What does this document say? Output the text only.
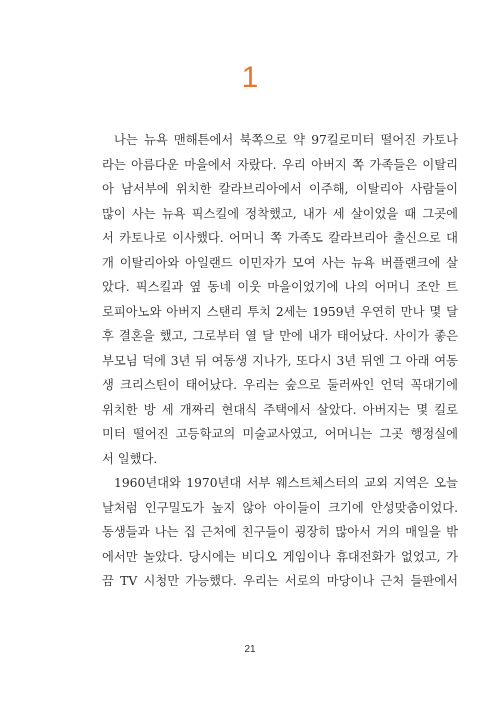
1
나는 뉴욕 맨해튼에서 북쪽으로 약 97킬로미터 떨어진 카토나
라는 아름다운 마을에서 자랐다. 우리 아버지 쪽 가족들은 이탈리
아 남서부에 위치한 칼라브리아에서 이주해, 이탈리아 사람들이
많이 사는 뉴욕 픽스킬에 정착했고, 내가 세 살이었을 때 그곳에
서 카토나로 이사했다. 어머니 쪽 가족도 칼라브리아 출신으로 대
개 이탈리아와 아일랜드 이민자가 모여 사는 뉴욕 버플랜크에 살
았다. 픽스킬과 옆 동네 이웃 마을이었기에 나의 어머니 조안 트
로피아노와 아버지 스탠리 투치 2세는 1959년 우연히 만나 몇 달
후 결혼을 했고, 그로부터 열 달 만에 내가 태어났다. 사이가 좋은
부모님 덕에 3년 뒤 여동생 지나가, 또다시 3년 뒤엔 그 아래 여동
생 크리스틴이 태어났다. 우리는 숲으로 둘러싸인 언덕 꼭대기에
위치한 방 세 개짜리 현대식 주택에서 살았다. 아버지는 몇 킬로
미터 떨어진 고등학교의 미술교사였고, 어머니는 그곳 행정실에
서 일했다.
1960년대와 1970년대 서부 웨스트체스터의 교외 지역은 오늘
날처럼 인구밀도가 높지 않아 아이들이 크기에 안성맞춤이었다.
동생들과 나는 집 근처에 친구들이 굉장히 많아서 거의 매일을 밖
에서만 놀았다. 당시에는 비디오 게임이나 휴대전화가 없었고, 가
끔 TV 시청만 가능했다. 우리는 서로의 마당이나 근처 들판에서
21
